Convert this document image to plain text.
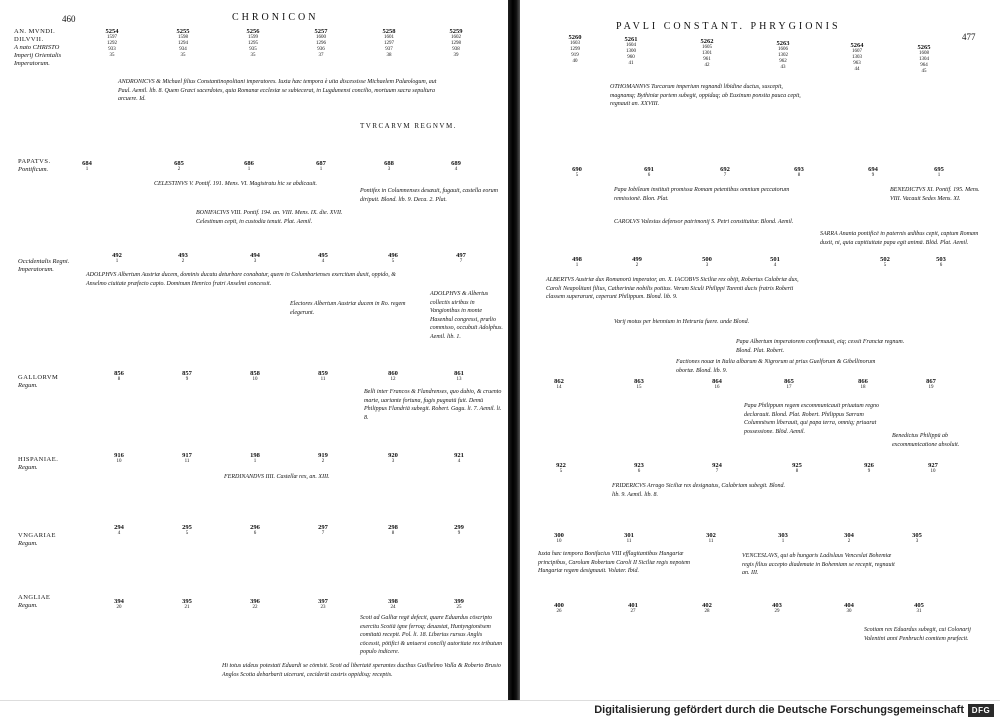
460	CHRONICON
AN. MVNDI.
DILVVII.
A nato CHRISTO
Imperij Orientalis
Imperatorum.
5254
1597
1292
933
35
5255
1598
1294
934
35
5256
1599
1295
935
35
5257
1600
1296
936
37
5258
1601
1297
937
38
5259
1602
1298
938
39
ANDRONICVS & Michael filius Constantinopolitani imperatores. Iuxta hæc tempora è uita discessisse Michaelem Palæologum, aut Paul. Aemil. lib. 8. Quem Græci sacerdotes, quia Romanæ ecclesiæ se subiecerat, in Lugdunensi concilio, mortuum sacra sepultura arcuere. Id.
TVRCARVM REGNVM.
PAPATVS.
Pontificum.
684
1
685
2
686
1
687
1
688
3
689
4
CELESTINVS V. Pontif. 191. Mens. VI. Magistratu hic se abdicauit.
Pontifex in Columnenses desæuit, fugauit, castella eorum diripuit. Blond. lib. 9. Deca. 2. Plat.
BONIFACIVS VIII. Pontif. 194. an. VIII. Mens. IX. die. XVII. Celestinum cepit, in custodia tenuit. Plat. Aemil.
Occidentalis Regni.
Imperatorum.
492
1
493
2
494
3
495
4
496
5
497
7
ADOLPHVS Albertum Austriæ ducem, dominis ducatu deturbare conabatur, quem in Columbarienses exercitum duxit, oppido, & Anselmo ciuitate præfecto capto. Dominum Henrico fratri Anselmi concessit.
Electores Albertum Austriæ ducem in Ro. regem elegerunt.
ADOLPHVS & Albertus collectis uiribus in Vangionibus in monte Hasenbul congressi, prælio commisso, occubuit Adolphus. Aemil. lib. 1.
GALLORVM
Regum.
856
8
857
9
858
10
859
11
860
12
861
13
Belli inter Francos & Flandrenses, quo dubio, & cruento marte, uariante fortuna, fugis pugnatū fuit. Demū Philippus Flandriā subegit. Robert. Gagu. li. 7. Aemil. li. 8.
HISPANIAE.
Regum.
916
10
917
11
198
1
919
2
920
3
921
4
FERDINANDVS IIII. Castellæ rex, an. XIII.
VNGARIAE
Regum.
294
4
295
5
296
6
297
7
298
8
299
9
ANGLIAE
Regum.
394
20
395
21
396
22
397
23
398
24
399
25
Scoti ad Galliæ regē defecit, quare Eduardus cōscripto exercitu Scotiā igne ferroq; deuastat, Huntyngtonēsem comitatū recepit. Pol. li. 18. Liberius rursus Anglis cōcessit, pōtifici & uniuersi concilij autoritate rex tributum populo indicere.
Hi totus uideus potestati Eduardi se cōmisit. Scoti ad libertatē sperantes ducibus Guilhelmo Valla & Roberto Brusio Anglos Scotia debarbarit uicerunt, ceciderūt castris oppidisq; receptis.
PAVLI CONSTANT. PHRYGIONIS
477
5260
1603
1299
919
40
5261
1604
1300
960
41
5262
1605
1301
961
42
5263
1606
1302
962
43
5264
1607
1303
963
44
5265
1608
1304
964
45
OTHOMANNVS Turcarum imperium regnandi libidine ductus, suscepit, magnamq; Bythiniæ partem subegit, oppidaq; ab Euxinum ponsita pauca cepit, regnauit an. XXVIII.
690
5
691
6
692
7
693
8
694
9
695
1
Papa Iobileum instituit promissa Romam petentibus omnium peccatorum remissionē. Blon. Plat.
CAROLVS Valesius defensor patrimonij S. Petri constituitur. Blond. Aemil.
BENEDICTVS XI. Pontif. 195. Mens. VIII. Vacauit Sedes Mens. XI.
SARRA Anania pontificē in paternis ædibus cepit, captum Romam duxit, ni, quia capitiuitate papa egit animā. Blōd. Plat. Aemil.
498
1
499
2
500
3
501
4
502
5
503
6
ALBERTVS Austriæ dux Romanorū imperator, an. X. IACOBVS Siciliæ rex obijt, Robertus Calabriæ dux, Caroli Neapolitani filius, Catheriniæ nobilis potitus. Verum Siculi Philippi Tarenti ducis fratris Roberti classem superarunt, ceperunt Philippum. Blond. lib. 9.
Varij motus per biennium in Hetruria fuere. unde Blond.
Papa Albertum imperatorem confirmauit, eiq; cessit Franciæ regnum. Blond. Plat. Robert.
Factiones nouæ in Italia albarum & Nigrorum ut prius Guelforum & Gibellinorum obortæ. Blond. lib. 9.
862
14
863
15
864
16
865
17
866
18
867
19
Papa Philippum regem excommunicauit priuatum regno declarauit. Blond. Plat. Robert. Philippus Sarram Columnēsem liberauit, qui papa terra, omniq; priuarat possessione. Blōd. Aemil.
Benedictus Philippū ab excommunicatione absoluit.
922
5
923
6
924
7
925
8
926
9
927
10
FRIDERICVS Arrago Siciliæ rex designatus, Calabriam subegit. Blond. lib. 9. Aemil. lib. 8.
300
10
301
11
302
11
303
1
304
2
305
3
Iuxta hæc tempora Bonifacius VIII efflagitantibus Hungariæ principibus, Carolum Robertum Caroli II Siciliæ regis nepotem Hungariæ regem designauit. Volater. Ibid.
VENCESLAVS, qui ab hungaris Ladislaus Venceslai Bohemiæ regis filius accepto diademate in Bohemiam se recepit, regnauit an. III.
400
26
401
27
402
28
403
29
404
30
405
31
Scotiam rex Eduardus subegit, cui Colonarij Valentini anni Penbruchi comitem præfecit.
Digitalisierung gefördert durch die Deutsche Forschungsgemeinschaft DFG
